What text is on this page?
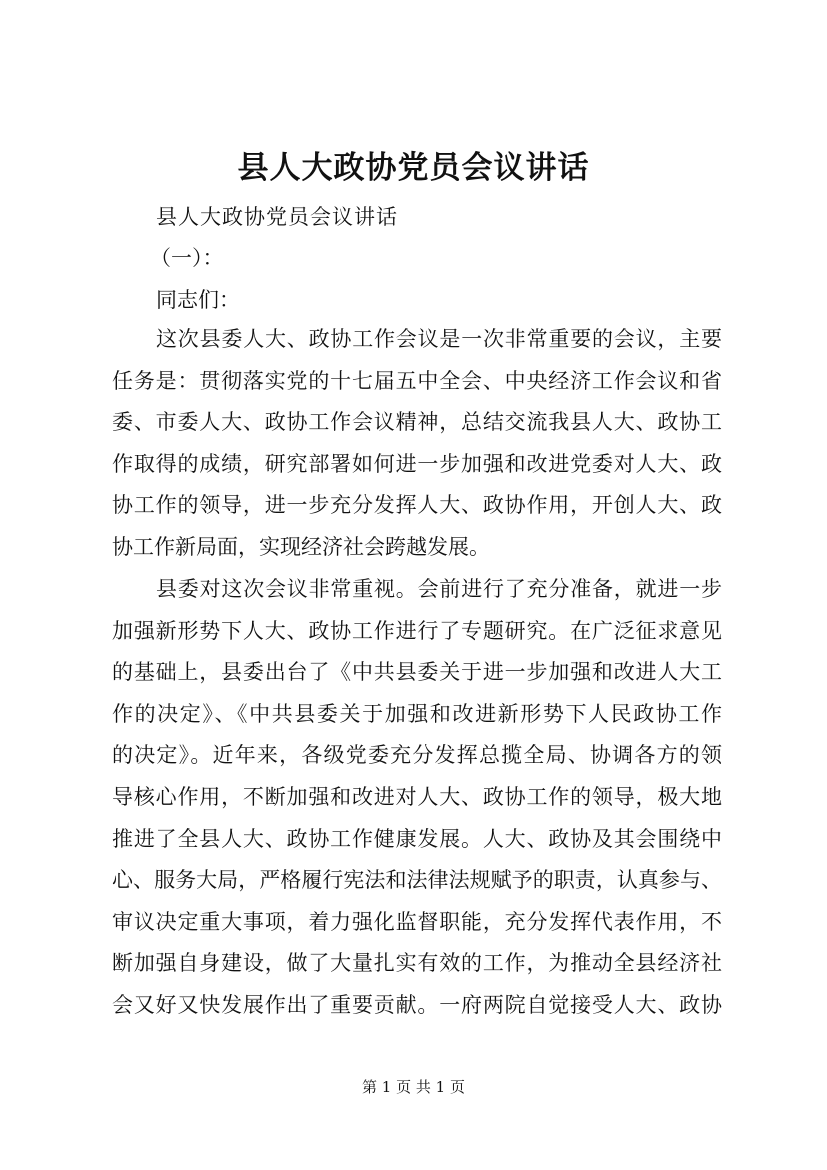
县人大政协党员会议讲话
县人大政协党员会议讲话
（一）：
同志们：
这次县委人大、政协工作会议是一次非常重要的会议，主要
任务是：贯彻落实党的十七届五中全会、中央经济工作会议和省
委、市委人大、政协工作会议精神，总结交流我县人大、政协工
作取得的成绩，研究部署如何进一步加强和改进党委对人大、政
协工作的领导，进一步充分发挥人大、政协作用，开创人大、政
协工作新局面，实现经济社会跨越发展。
县委对这次会议非常重视。会前进行了充分准备，就进一步
加强新形势下人大、政协工作进行了专题研究。在广泛征求意见
的基础上，县委出台了《中共县委关于进一步加强和改进人大工
作的决定》、《中共县委关于加强和改进新形势下人民政协工作
的决定》。近年来，各级党委充分发挥总揽全局、协调各方的领
导核心作用，不断加强和改进对人大、政协工作的领导，极大地
推进了全县人大、政协工作健康发展。人大、政协及其会围绕中
心、服务大局，严格履行宪法和法律法规赋予的职责，认真参与、
审议决定重大事项，着力强化监督职能，充分发挥代表作用，不
断加强自身建设，做了大量扎实有效的工作，为推动全县经济社
会又好又快发展作出了重要贡献。一府两院自觉接受人大、政协
第 1 页 共 1 页
